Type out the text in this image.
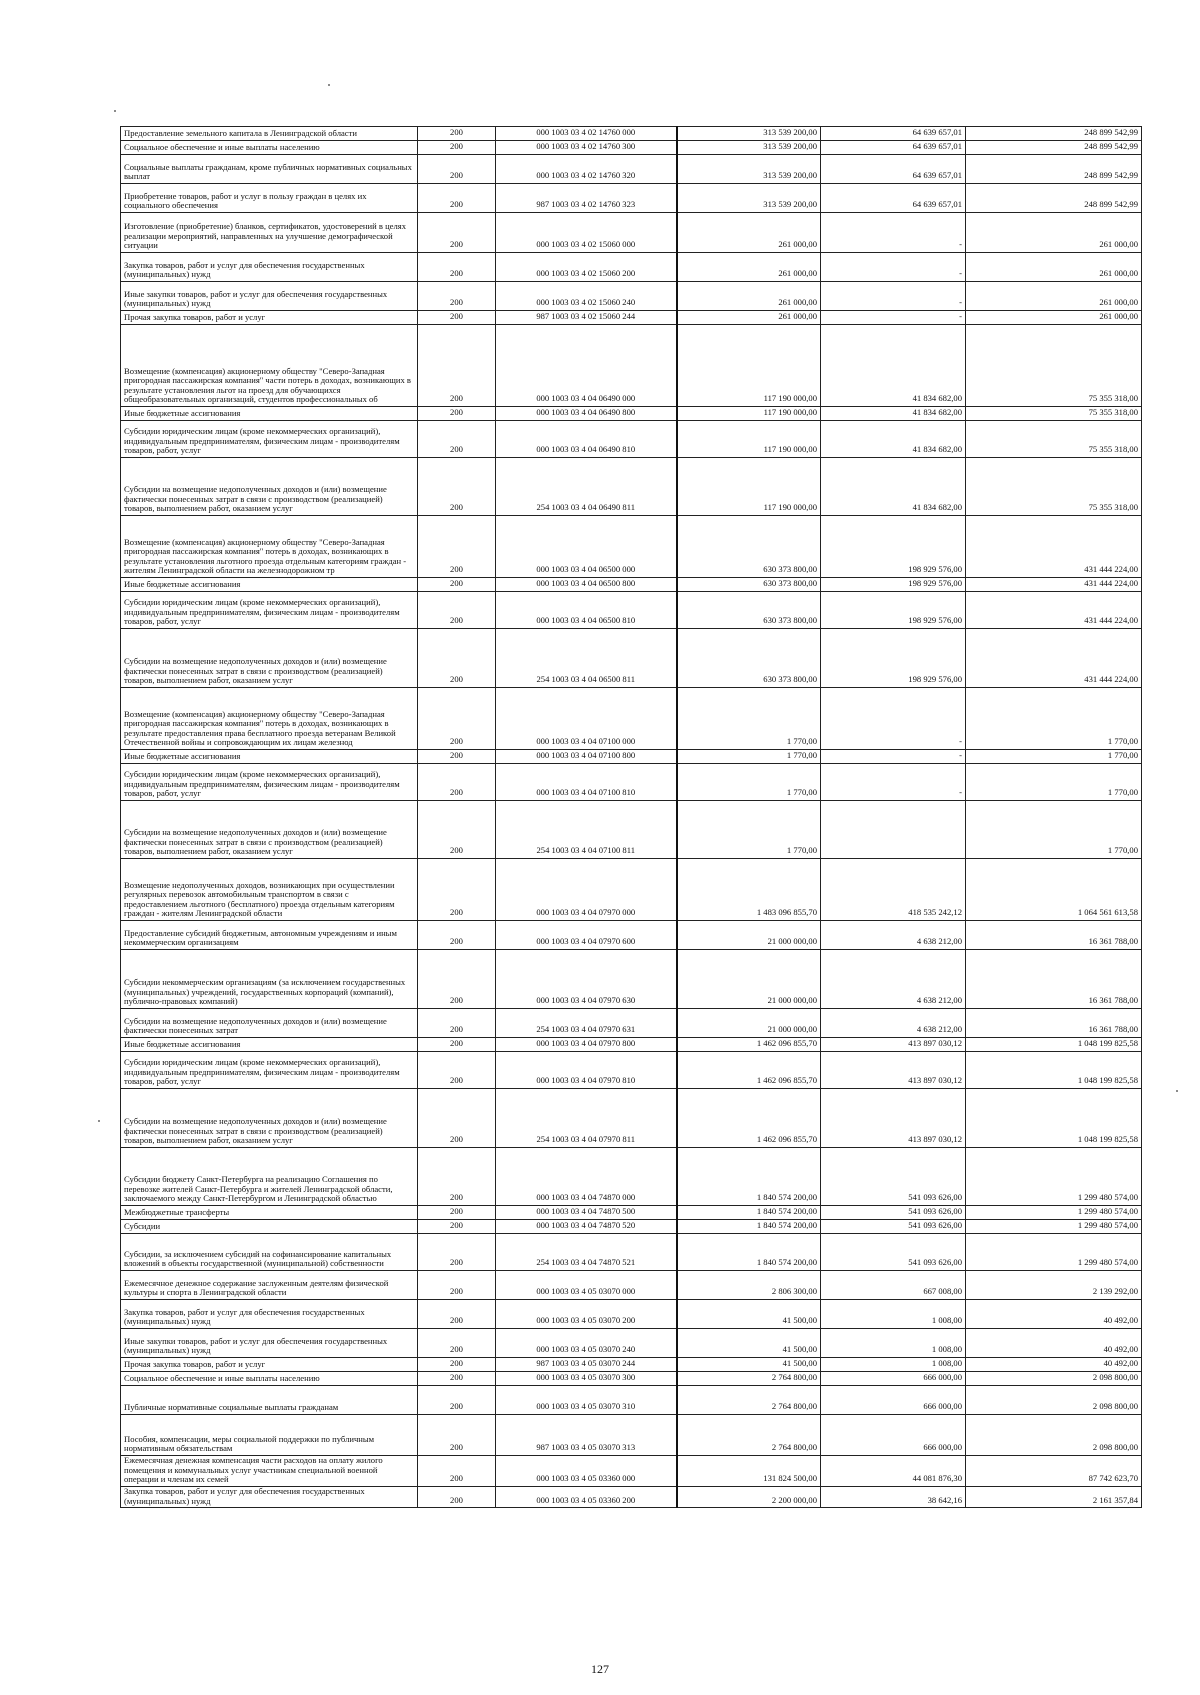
Предоставление земельного капитала в Ленинградской области	200	000 1003 03 4 02 14760 000	313 539 200,00	64 639 657,01	248 899 542,99
Социальное обеспечение и иные выплаты населению	200	000 1003 03 4 02 14760 300	313 539 200,00	64 639 657,01	248 899 542,99
Социальные выплаты гражданам, кроме публичных нормативных социальных выплат	200	000 1003 03 4 02 14760 320	313 539 200,00	64 639 657,01	248 899 542,99
Приобретение товаров, работ и услуг в пользу граждан в целях их социального обеспечения	200	987 1003 03 4 02 14760 323	313 539 200,00	64 639 657,01	248 899 542,99
Изготовление (приобретение) бланков, сертификатов, удостоверений в целях реализации мероприятий, направленных на улучшение демографической ситуации	200	000 1003 03 4 02 15060 000	261 000,00	-	261 000,00
Закупка товаров, работ и услуг для обеспечения государственных (муниципальных) нужд	200	000 1003 03 4 02 15060 200	261 000,00	-	261 000,00
Иные закупки товаров, работ и услуг для обеспечения государственных (муниципальных) нужд	200	000 1003 03 4 02 15060 240	261 000,00	-	261 000,00
Прочая закупка товаров, работ и услуг	200	987 1003 03 4 02 15060 244	261 000,00	-	261 000,00
Возмещение (компенсация) акционерному обществу "Северо-Западная пригородная пассажирская компания" части потерь в доходах, возникающих в результате установления льгот на проезд для обучающихся общеобразовательных организаций, студентов профессиональных об	200	000 1003 03 4 04 06490 000	117 190 000,00	41 834 682,00	75 355 318,00
Иные бюджетные ассигнования	200	000 1003 03 4 04 06490 800	117 190 000,00	41 834 682,00	75 355 318,00
Субсидии юридическим лицам (кроме некоммерческих организаций), индивидуальным предпринимателям, физическим лицам - производителям товаров, работ, услуг	200	000 1003 03 4 04 06490 810	117 190 000,00	41 834 682,00	75 355 318,00
Субсидии на возмещение недополученных доходов и (или) возмещение фактически понесенных затрат в связи с производством (реализацией) товаров, выполнением работ, оказанием услуг	200	254 1003 03 4 04 06490 811	117 190 000,00	41 834 682,00	75 355 318,00
Возмещение (компенсация) акционерному обществу "Северо-Западная пригородная пассажирская компания" потерь в доходах, возникающих в результате установления льготного проезда отдельным категориям граждан - жителям Ленинградской области на железнодорожном тр	200	000 1003 03 4 04 06500 000	630 373 800,00	198 929 576,00	431 444 224,00
Иные бюджетные ассигнования	200	000 1003 03 4 04 06500 800	630 373 800,00	198 929 576,00	431 444 224,00
Субсидии юридическим лицам (кроме некоммерческих организаций), индивидуальным предпринимателям, физическим лицам - производителям товаров, работ, услуг	200	000 1003 03 4 04 06500 810	630 373 800,00	198 929 576,00	431 444 224,00
Субсидии на возмещение недополученных доходов и (или) возмещение фактически понесенных затрат в связи с производством (реализацией) товаров, выполнением работ, оказанием услуг	200	254 1003 03 4 04 06500 811	630 373 800,00	198 929 576,00	431 444 224,00
Возмещение (компенсация) акционерному обществу "Северо-Западная пригородная пассажирская компания" потерь в доходах, возникающих в результате предоставления права бесплатного проезда ветеранам Великой Отечественной войны и сопровождающим их лицам железнод	200	000 1003 03 4 04 07100 000	1 770,00	-	1 770,00
Иные бюджетные ассигнования	200	000 1003 03 4 04 07100 800	1 770,00	-	1 770,00
Субсидии юридическим лицам (кроме некоммерческих организаций), индивидуальным предпринимателям, физическим лицам - производителям товаров, работ, услуг	200	000 1003 03 4 04 07100 810	1 770,00	-	1 770,00
Субсидии на возмещение недополученных доходов и (или) возмещение фактически понесенных затрат в связи с производством (реализацией) товаров, выполнением работ, оказанием услуг	200	254 1003 03 4 04 07100 811	1 770,00		1 770,00
Возмещение недополученных доходов, возникающих при осуществлении регулярных перевозок автомобильным транспортом в связи с предоставлением льготного (бесплатного) проезда отдельным категориям граждан - жителям Ленинградской области	200	000 1003 03 4 04 07970 000	1 483 096 855,70	418 535 242,12	1 064 561 613,58
Предоставление субсидий бюджетным, автономным учреждениям и иным некоммерческим организациям	200	000 1003 03 4 04 07970 600	21 000 000,00	4 638 212,00	16 361 788,00
Субсидии некоммерческим организациям (за исключением государственных (муниципальных) учреждений, государственных корпораций (компаний), публично-правовых компаний)	200	000 1003 03 4 04 07970 630	21 000 000,00	4 638 212,00	16 361 788,00
Субсидии на возмещение недополученных доходов и (или) возмещение фактически понесенных затрат	200	254 1003 03 4 04 07970 631	21 000 000,00	4 638 212,00	16 361 788,00
Иные бюджетные ассигнования	200	000 1003 03 4 04 07970 800	1 462 096 855,70	413 897 030,12	1 048 199 825,58
Субсидии юридическим лицам (кроме некоммерческих организаций), индивидуальным предпринимателям, физическим лицам - производителям товаров, работ, услуг	200	000 1003 03 4 04 07970 810	1 462 096 855,70	413 897 030,12	1 048 199 825,58
Субсидии на возмещение недополученных доходов и (или) возмещение фактически понесенных затрат в связи с производством (реализацией) товаров, выполнением работ, оказанием услуг	200	254 1003 03 4 04 07970 811	1 462 096 855,70	413 897 030,12	1 048 199 825,58
Субсидии бюджету Санкт-Петербурга на реализацию Соглашения по перевозке жителей Санкт-Петербурга и жителей Ленинградской области, заключаемого между Санкт-Петербургом и Ленинградской областью	200	000 1003 03 4 04 74870 000	1 840 574 200,00	541 093 626,00	1 299 480 574,00
Межбюджетные трансферты	200	000 1003 03 4 04 74870 500	1 840 574 200,00	541 093 626,00	1 299 480 574,00
Субсидии	200	000 1003 03 4 04 74870 520	1 840 574 200,00	541 093 626,00	1 299 480 574,00
Субсидии, за исключением субсидий на софинансирование капитальных вложений в объекты государственной (муниципальной) собственности	200	254 1003 03 4 04 74870 521	1 840 574 200,00	541 093 626,00	1 299 480 574,00
Ежемесячное денежное содержание заслуженным деятелям физической культуры и спорта в Ленинградской области	200	000 1003 03 4 05 03070 000	2 806 300,00	667 008,00	2 139 292,00
Закупка товаров, работ и услуг для обеспечения государственных (муниципальных) нужд	200	000 1003 03 4 05 03070 200	41 500,00	1 008,00	40 492,00
Иные закупки товаров, работ и услуг для обеспечения государственных (муниципальных) нужд	200	000 1003 03 4 05 03070 240	41 500,00	1 008,00	40 492,00
Прочая закупка товаров, работ и услуг	200	987 1003 03 4 05 03070 244	41 500,00	1 008,00	40 492,00
Социальное обеспечение и иные выплаты населению	200	000 1003 03 4 05 03070 300	2 764 800,00	666 000,00	2 098 800,00
Публичные нормативные социальные выплаты гражданам	200	000 1003 03 4 05 03070 310	2 764 800,00	666 000,00	2 098 800,00
Пособия, компенсации, меры социальной поддержки по публичным нормативным обязательствам	200	987 1003 03 4 05 03070 313	2 764 800,00	666 000,00	2 098 800,00
Ежемесячная денежная компенсация части расходов на оплату жилого помещения и коммунальных услуг участникам специальной военной операции и членам их семей	200	000 1003 03 4 05 03360 000	131 824 500,00	44 081 876,30	87 742 623,70
Закупка товаров, работ и услуг для обеспечения государственных (муниципальных) нужд	200	000 1003 03 4 05 03360 200	2 200 000,00	38 642,16	2 161 357,84
127
